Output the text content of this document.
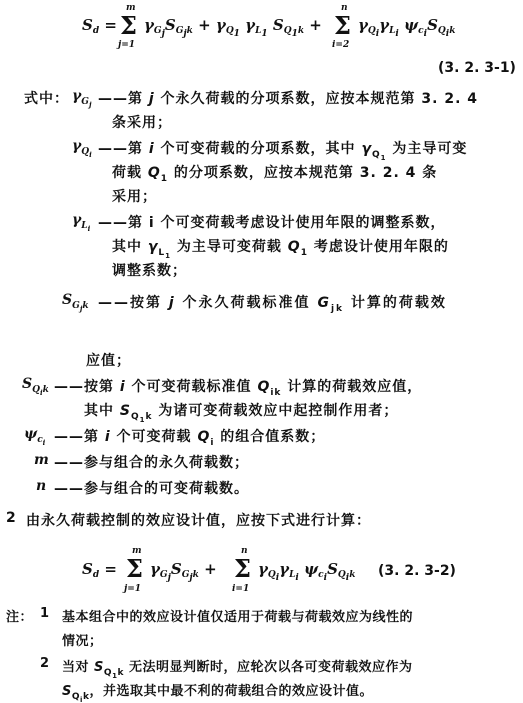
$S_d$ =
m
Σ
j=1
$\gamma_{G_j}S_{G_jk} + \gamma_{Q_1}$ $\gamma_{L_1}$ $S_{Q_1k}$ +
n
Σ
i=2
$\gamma_{Q_i}\gamma_{L_i}$ $\psi_{c_i}S_{Q_ik}$
(3. 2. 3-1)
式中： $\gamma_{G_j}$ ——第 j 个永久荷载的分项系数，应按本规范第 3. 2. 4
条采用；
$\gamma_{Q_i}$ ——第 i 个可变荷载的分项系数，其中 $\gamma_{Q_1}$ 为主导可变
荷载 $Q_1$ 的分项系数，应按本规范第 3. 2. 4 条
采用；
$\gamma_{L_i}$ ——第 i 个可变荷载考虑设计使用年限的调整系数，
其中 $\gamma_{L_1}$ 为主导可变荷载 $Q_1$ 考虑设计使用年限的
调整系数；
$S_{G_jk}$ ——按第 j 个永久荷载标准值 $G_{jk}$ 计算的荷载效
应值；
$S_{Q_ik}$ ——按第 i 个可变荷载标准值 $Q_{ik}$ 计算的荷载效应值，
其中 $S_{Q_1k}$ 为诸可变荷载效应中起控制作用者；
$\psi_{c_i}$ ——第 i 个可变荷载 $Q_i$ 的组合值系数；
m ——参与组合的永久荷载数；
n ——参与组合的可变荷载数。
2 由永久荷载控制的效应设计值，应按下式进行计算：
$S_d$ =
m
Σ
j=1
$\gamma_{G_j}S_{G_jk}$ +
n
Σ
i=1
$\gamma_{Q_i}\gamma_{L_i}$ $\psi_{c_i}S_{Q_ik}$ (3. 2. 3-2)
注： 1 基本组合中的效应设计值仅适用于荷载与荷载效应为线性的
情况；
2 当对 $S_{Q_1k}$ 无法明显判断时，应轮次以各可变荷载效应作为
$S_{Q_ik}$，并选取其中最不利的荷载组合的效应设计值。
